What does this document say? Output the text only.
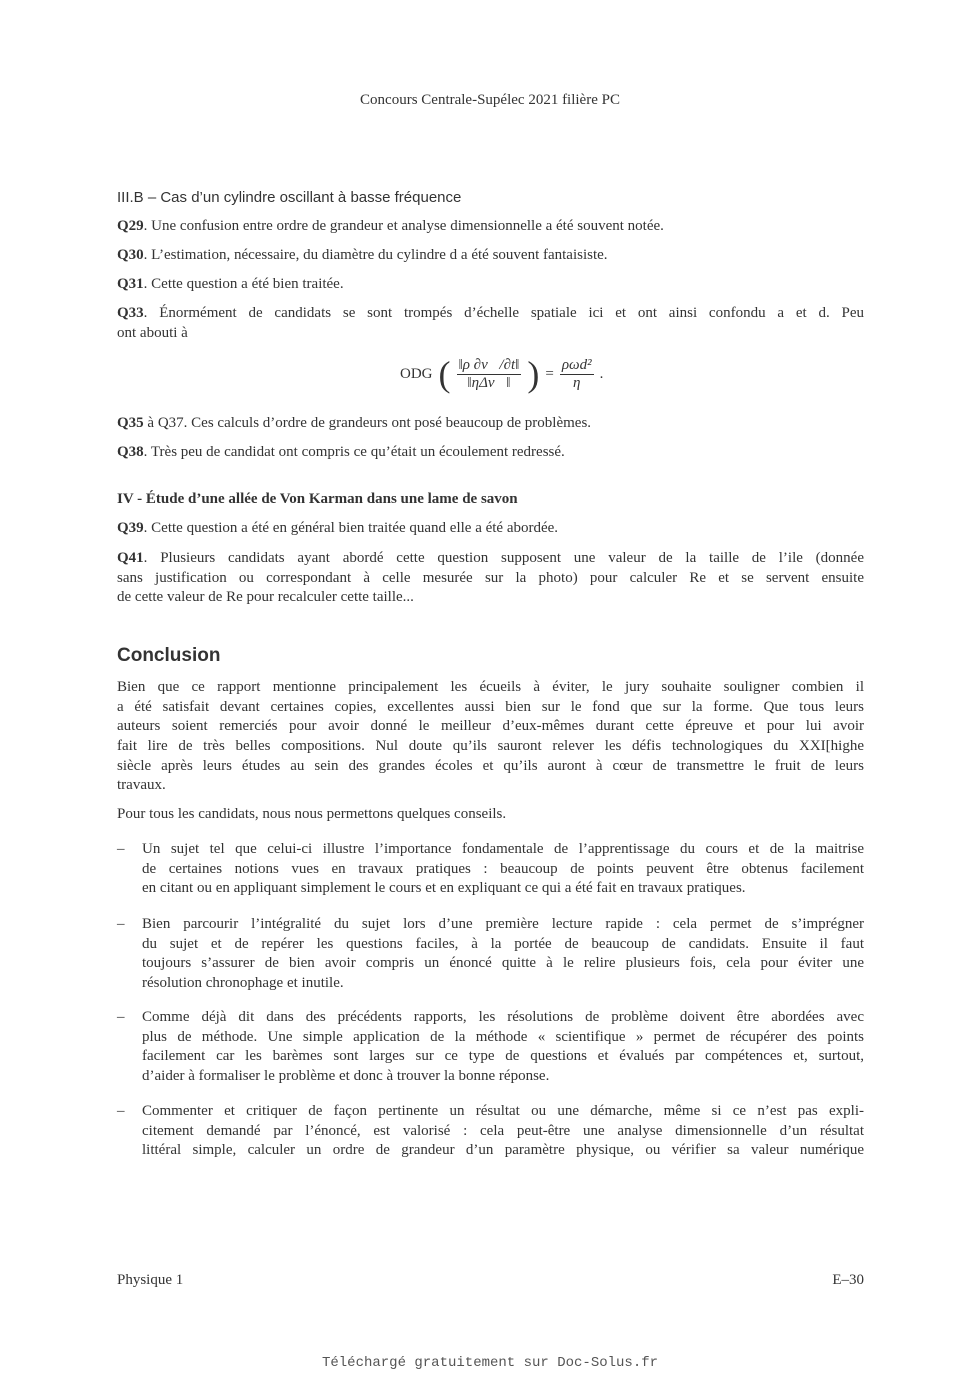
Concours Centrale-Supélec 2021 filière PC
III.B – Cas d’un cylindre oscillant à basse fréquence
Q29. Une confusion entre ordre de grandeur et analyse dimensionnelle a été souvent notée.
Q30. L’estimation, nécessaire, du diamètre du cylindre d a été souvent fantaisiste.
Q31. Cette question a été bien traitée.
Q33. Énormément de candidats se sont trompés d’échelle spatiale ici et ont ainsi confondu a et d. Peu
ont abouti à
Q35 à Q37. Ces calculs d’ordre de grandeurs ont posé beaucoup de problèmes.
Q38. Très peu de candidat ont compris ce qu’était un écoulement redressé.
IV - Étude d’une allée de Von Karman dans une lame de savon
Q39. Cette question a été en général bien traitée quand elle a été abordée.
Q41. Plusieurs candidats ayant abordé cette question supposent une valeur de la taille de l’ile (donnée
sans justification ou correspondant à celle mesurée sur la photo) pour calculer Re et se servent ensuite
de cette valeur de Re pour recalculer cette taille...
Conclusion
Bien que ce rapport mentionne principalement les écueils à éviter, le jury souhaite souligner combien il
a été satisfait devant certaines copies, excellentes aussi bien sur le fond que sur la forme. Que tous leurs
auteurs soient remerciés pour avoir donné le meilleur d’eux-mêmes durant cette épreuve et pour lui avoir
fait lire de très belles compositions. Nul doute qu’ils sauront relever les défis technologiques du XXI[highe
siècle après leurs études au sein des grandes écoles et qu’ils auront à cœur de transmettre le fruit de leurs
travaux.
Pour tous les candidats, nous nous permettons quelques conseils.
–	Un sujet tel que celui-ci illustre l’importance fondamentale de l’apprentissage du cours et de la maitrise
de certaines notions vues en travaux pratiques : beaucoup de points peuvent être obtenus facilement
en citant ou en appliquant simplement le cours et en expliquant ce qui a été fait en travaux pratiques.
–	Bien parcourir l’intégralité du sujet lors d’une première lecture rapide : cela permet de s’imprégner
du sujet et de repérer les questions faciles, à la portée de beaucoup de candidats. Ensuite il faut
toujours s’assurer de bien avoir compris un énoncé quitte à le relire plusieurs fois, cela pour éviter une
résolution chronophage et inutile.
–	Comme déjà dit dans des précédents rapports, les résolutions de problème doivent être abordées avec
plus de méthode. Une simple application de la méthode « scientifique » permet de récupérer des points
facilement car les barèmes sont larges sur ce type de questions et évalués par compétences et, surtout,
d’aider à formaliser le problème et donc à trouver la bonne réponse.
–	Commenter et critiquer de façon pertinente un résultat ou une démarche, même si ce n’est pas expli-
citement demandé par l’énoncé, est valorisé : cela peut-être une analyse dimensionnelle d’un résultat
littéral simple, calculer un ordre de grandeur d’un paramètre physique, ou vérifier sa valeur numérique
ODG ( $\frac{‖\rho \partial v⃗/\partial t‖}{\text{‖ηΔv⃗‖}}$ ) = $\frac{\text{ρωd²}}{\eta}$ .
Physique 1	E–30
Téléchargé gratuitement sur Doc-Solus.fr
